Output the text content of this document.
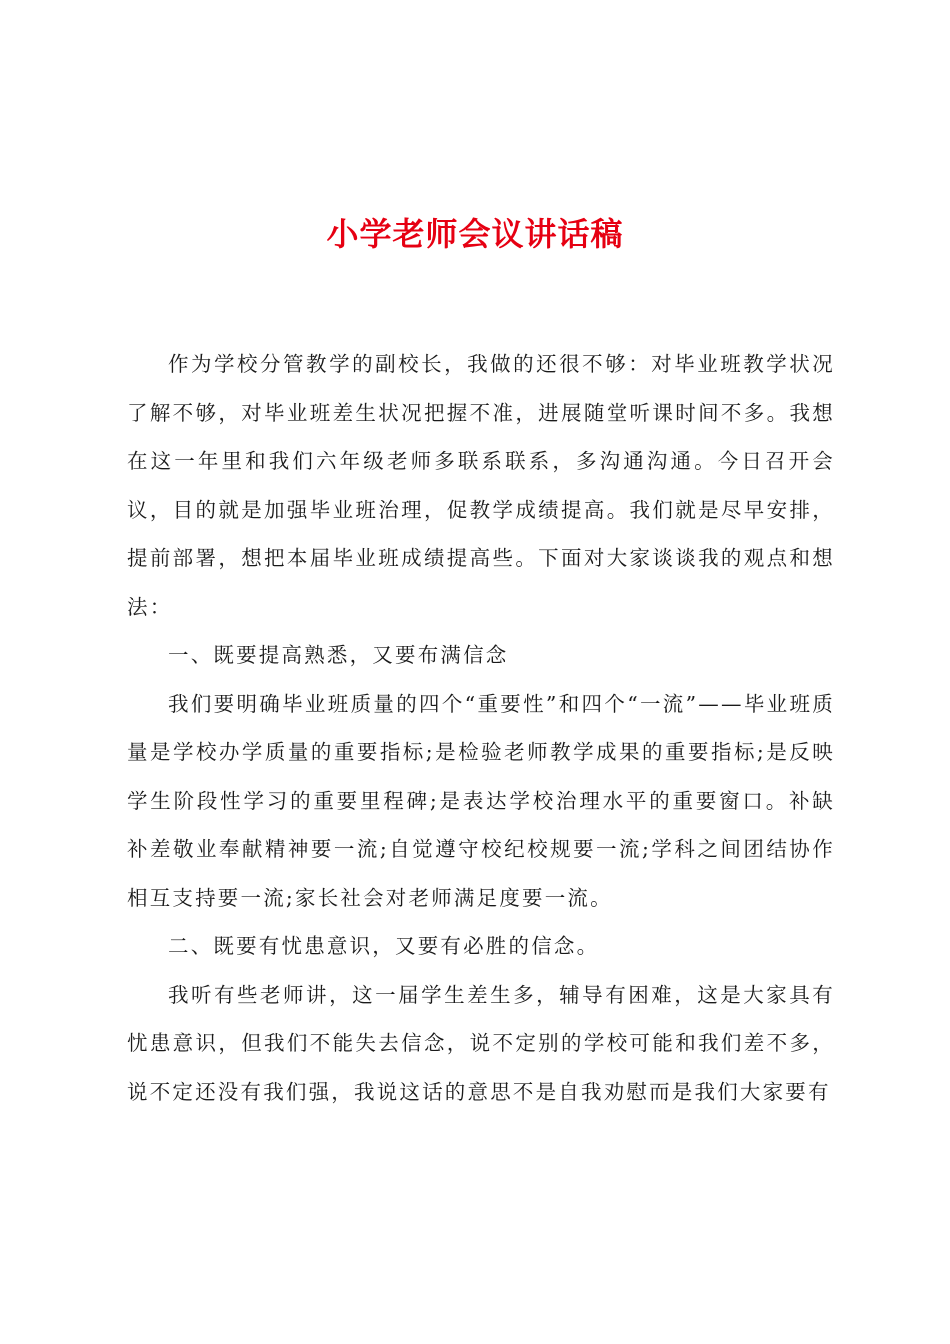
小学老师会议讲话稿

作为学校分管教学的副校长，我做的还很不够：对毕业班教学状况了解不够，对毕业班差生状况把握不准，进展随堂听课时间不多。我想在这一年里和我们六年级老师多联系联系，多沟通沟通。今日召开会议，目的就是加强毕业班治理，促教学成绩提高。我们就是尽早安排，提前部署，想把本届毕业班成绩提高些。下面对大家谈谈我的观点和想法：

一、既要提高熟悉，又要布满信念

我们要明确毕业班质量的四个“重要性”和四个“一流”——毕业班质量是学校办学质量的重要指标;是检验老师教学成果的重要指标;是反映学生阶段性学习的重要里程碑;是表达学校治理水平的重要窗口。补缺补差敬业奉献精神要一流;自觉遵守校纪校规要一流;学科之间团结协作相互支持要一流;家长社会对老师满足度要一流。

二、既要有忧患意识，又要有必胜的信念。

我听有些老师讲，这一届学生差生多，辅导有困难，这是大家具有忧患意识，但我们不能失去信念，说不定别的学校可能和我们差不多，说不定还没有我们强，我说这话的意思不是自我劝慰而是我们大家要有
